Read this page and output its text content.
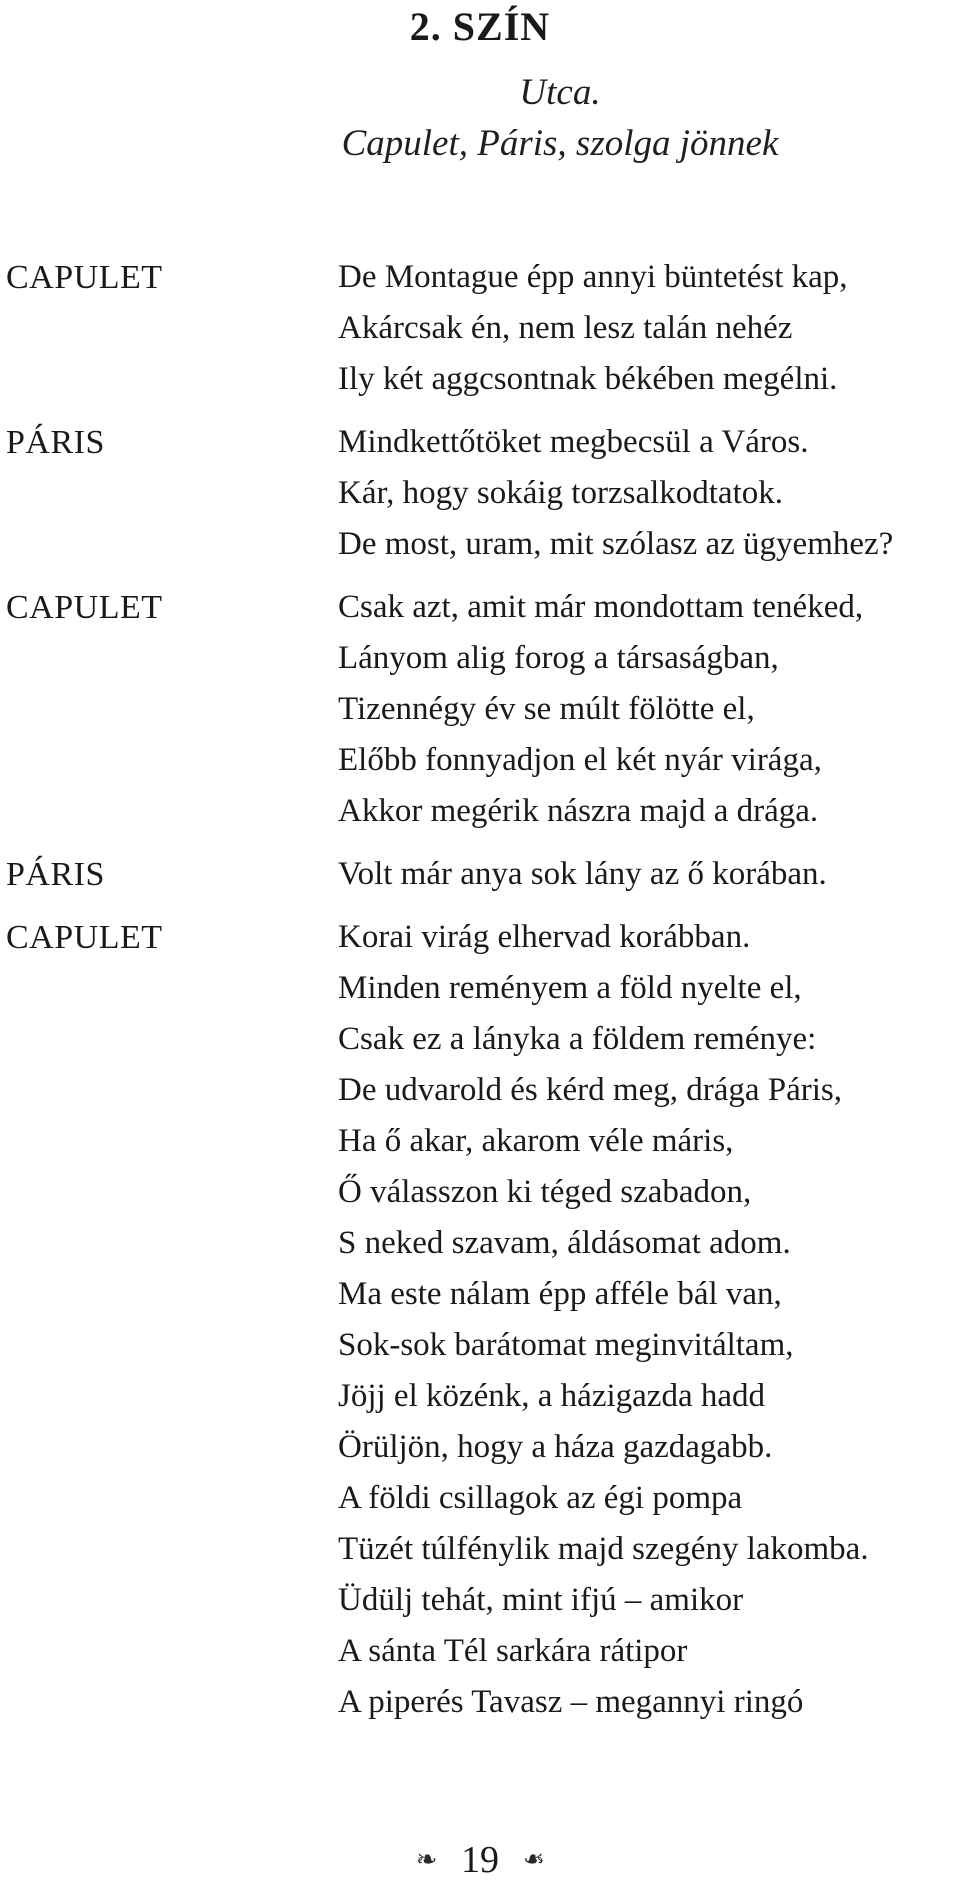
2. SZÍN
Utca.
Capulet, Páris, szolga jönnek
CAPULET	De Montague épp annyi büntetést kap,
Akárcsak én, nem lesz talán nehéz
Ily két aggcsontnak békében megélni.
PÁRIS	Mindkettőtöket megbecsül a Város.
Kár, hogy sokáig torzsalkodtatok.
De most, uram, mit szólasz az ügyemhez?
CAPULET	Csak azt, amit már mondottam tenéked,
Lányom alig forog a társaságban,
Tizennégy év se múlt fölötte el,
Előbb fonnyadjon el két nyár virága,
Akkor megérik nászra majd a drága.
PÁRIS	Volt már anya sok lány az ő korában.
CAPULET	Korai virág elhervad korábban.
Minden reményem a föld nyelte el,
Csak ez a lányka a földem reménye:
De udvarold és kérd meg, drága Páris,
Ha ő akar, akarom véle máris,
Ő válasszon ki téged szabadon,
S neked szavam, áldásomat adom.
Ma este nálam épp afféle bál van,
Sok-sok barátomat meginvitáltam,
Jöjj el közénk, a házigazda hadd
Örüljön, hogy a háza gazdagabb.
A földi csillagok az égi pompa
Tüzét túlfénylik majd szegény lakomba.
Üdülj tehát, mint ifjú – amikor
A sánta Tél sarkára rátipor
A piperés Tavasz – megannyi ringó
❧ 19 ❧
